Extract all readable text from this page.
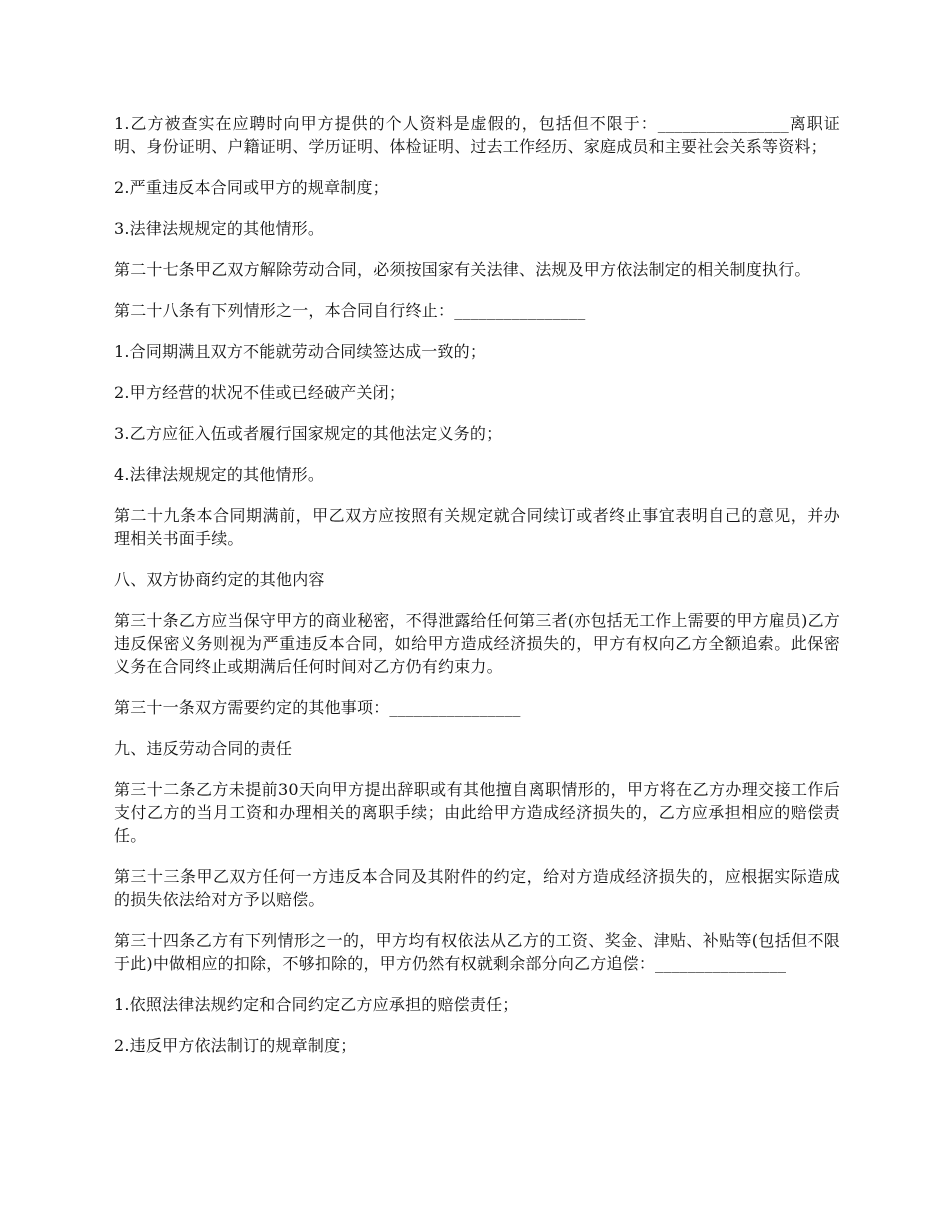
1.乙方被查实在应聘时向甲方提供的个人资料是虚假的，包括但不限于：________________离职证明、身份证明、户籍证明、学历证明、体检证明、过去工作经历、家庭成员和主要社会关系等资料；

2.严重违反本合同或甲方的规章制度；

3.法律法规规定的其他情形。

第二十七条甲乙双方解除劳动合同，必须按国家有关法律、法规及甲方依法制定的相关制度执行。

第二十八条有下列情形之一，本合同自行终止：________________

1.合同期满且双方不能就劳动合同续签达成一致的；

2.甲方经营的状况不佳或已经破产关闭；

3.乙方应征入伍或者履行国家规定的其他法定义务的；

4.法律法规规定的其他情形。

第二十九条本合同期满前，甲乙双方应按照有关规定就合同续订或者终止事宜表明自己的意见，并办理相关书面手续。

八、双方协商约定的其他内容

第三十条乙方应当保守甲方的商业秘密，不得泄露给任何第三者(亦包括无工作上需要的甲方雇员)乙方违反保密义务则视为严重违反本合同，如给甲方造成经济损失的，甲方有权向乙方全额追索。此保密义务在合同终止或期满后任何时间对乙方仍有约束力。

第三十一条双方需要约定的其他事项：________________

九、违反劳动合同的责任

第三十二条乙方未提前30天向甲方提出辞职或有其他擅自离职情形的，甲方将在乙方办理交接工作后支付乙方的当月工资和办理相关的离职手续；由此给甲方造成经济损失的，乙方应承担相应的赔偿责任。

第三十三条甲乙双方任何一方违反本合同及其附件的约定，给对方造成经济损失的，应根据实际造成的损失依法给对方予以赔偿。

第三十四条乙方有下列情形之一的，甲方均有权依法从乙方的工资、奖金、津贴、补贴等(包括但不限于此)中做相应的扣除，不够扣除的，甲方仍然有权就剩余部分向乙方追偿：________________

1.依照法律法规约定和合同约定乙方应承担的赔偿责任；

2.违反甲方依法制订的规章制度；
